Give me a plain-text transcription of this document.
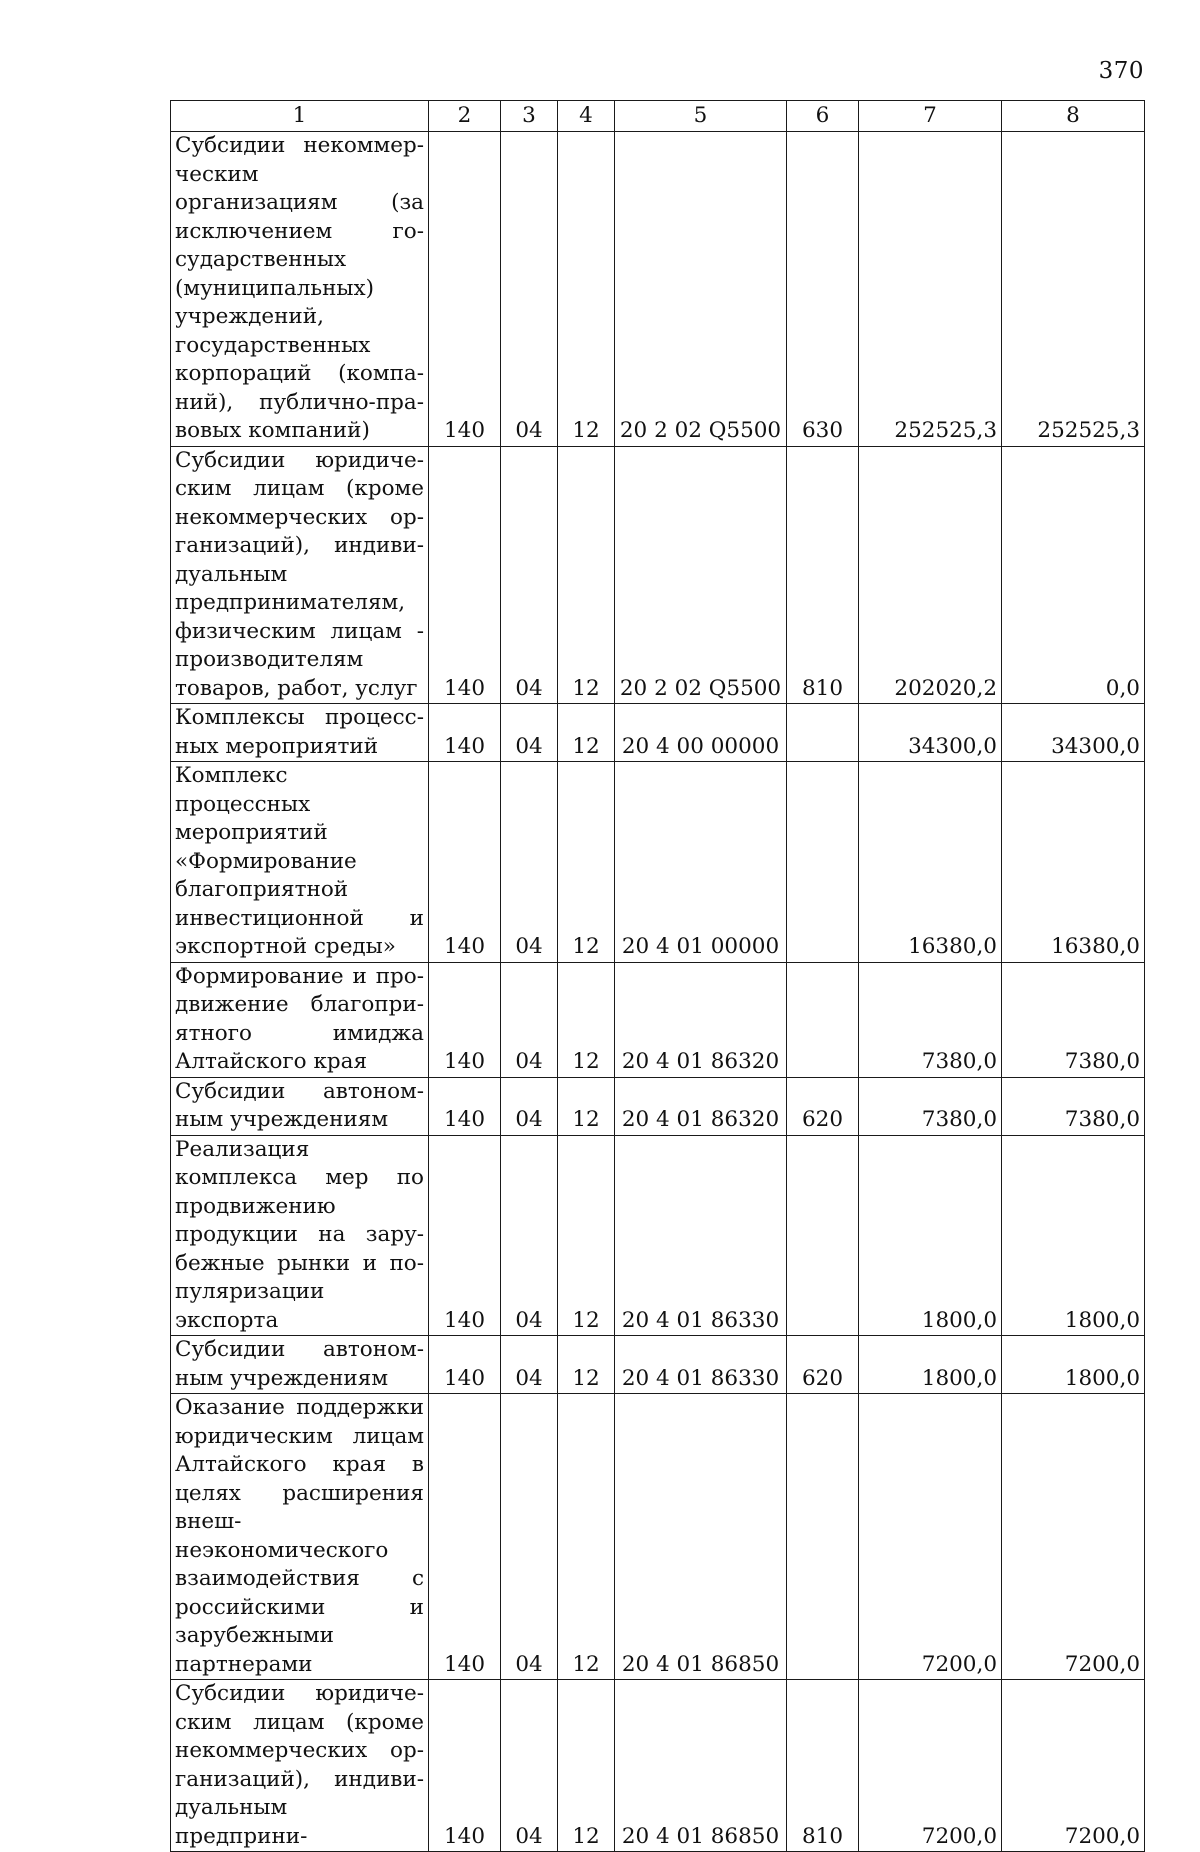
370
1	2	3	4	5	6	7	8
Субсидии некоммерческим организациям (за исключением государственных (муниципальных) учреждений, государственных корпораций (компаний), публично-правовых компаний)	140	04	12	20 2 02 Q5500	630	252525,3	252525,3
Субсидии юридическим лицам (кроме некоммерческих организаций), индивидуальным предпринимателям, физическим лицам - производителям товаров, работ, услуг	140	04	12	20 2 02 Q5500	810	202020,2	0,0
Комплексы процессных мероприятий	140	04	12	20 4 00 00000		34300,0	34300,0
Комплекс процессных мероприятий «Формирование благоприятной инвестиционной и экспортной среды»	140	04	12	20 4 01 00000		16380,0	16380,0
Формирование и продвижение благоприятного имиджа Алтайского края	140	04	12	20 4 01 86320		7380,0	7380,0
Субсидии автономным учреждениям	140	04	12	20 4 01 86320	620	7380,0	7380,0
Реализация комплекса мер по продвижению продукции на зарубежные рынки и популяризации экспорта	140	04	12	20 4 01 86330		1800,0	1800,0
Субсидии автономным учреждениям	140	04	12	20 4 01 86330	620	1800,0	1800,0
Оказание поддержки юридическим лицам Алтайского края в целях расширения внешнеэкономического взаимодействия с российскими и зарубежными партнерами	140	04	12	20 4 01 86850		7200,0	7200,0
Субсидии юридическим лицам (кроме некоммерческих организаций), индивидуальным предприни-	140	04	12	20 4 01 86850	810	7200,0	7200,0
